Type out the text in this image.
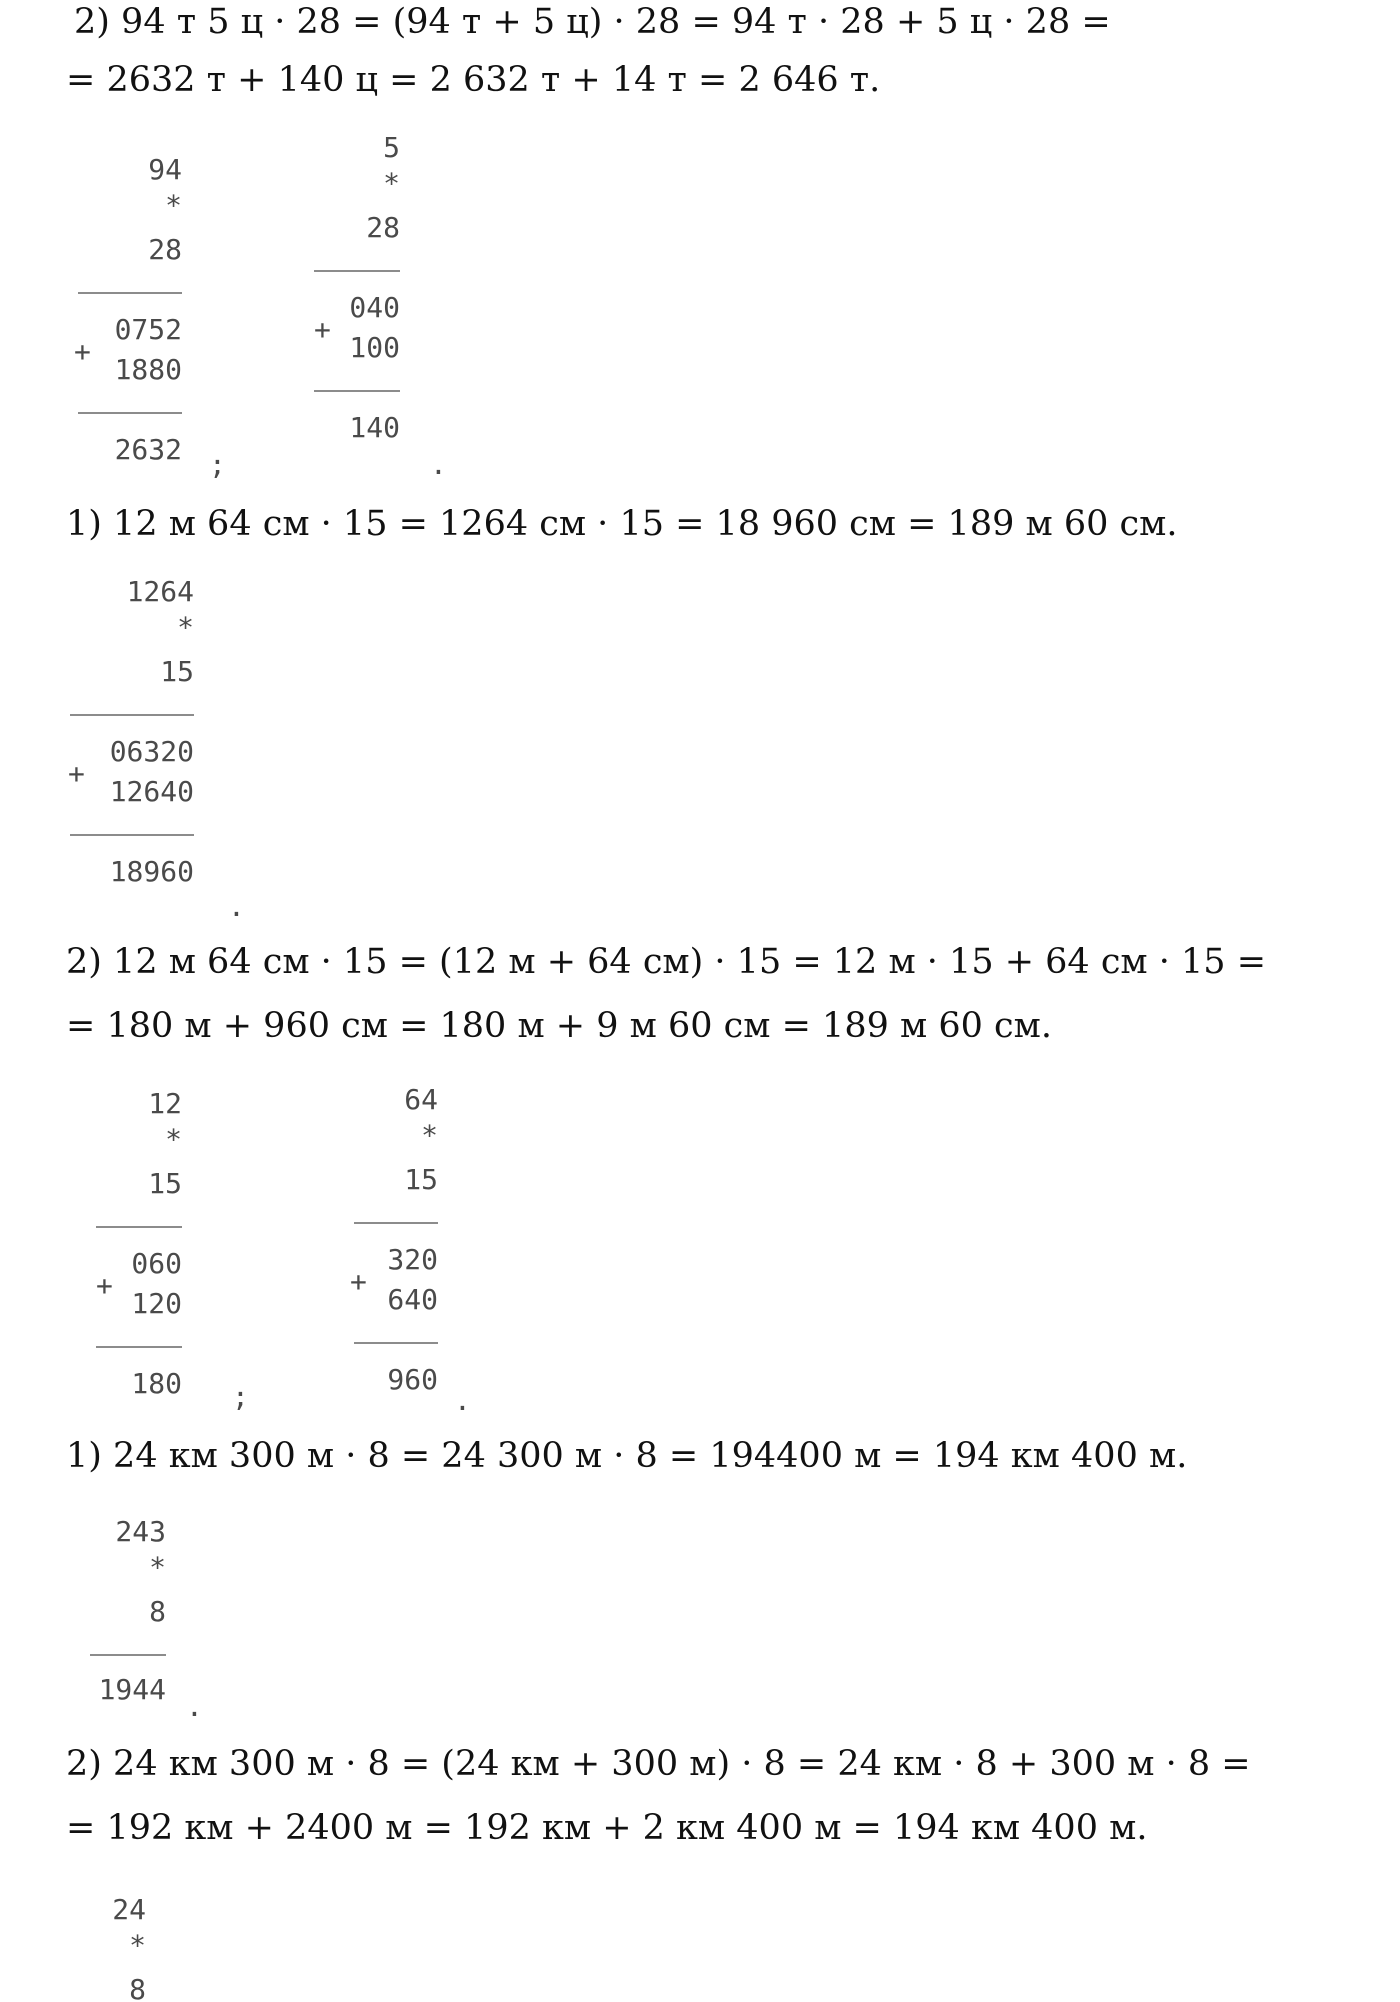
2) 94 т 5 ц · 28 = (94 т + 5 ц) · 28 = 94 т · 28 + 5 ц · 28 =
= 2632 т + 140 ц = 2 632 т + 14 т = 2 646 т.
94
*
28
+
0752
1880
2632 ;
5
*
28
+
040
100
140
.
1) 12 м 64 см · 15 = 1264 см · 15 = 18 960 см = 189 м 60 см.
1264
*
15
+
06320
12640
18960
.
2) 12 м 64 см · 15 = (12 м + 64 см) · 15 = 12 м · 15 + 64 см · 15 =
= 180 м + 960 см = 180 м + 9 м 60 см = 189 м 60 см.
12
*
15
+
060
120
180 ;
64
*
15
+
320
640
960
.
1) 24 км 300 м · 8 = 24 300 м · 8 = 194400 м = 194 км 400 м.
243
*
8
1944
.
2) 24 км 300 м · 8 = (24 км + 300 м) · 8 = 24 км · 8 + 300 м · 8 =
= 192 км + 2400 м = 192 км + 2 км 400 м = 194 км 400 м.
24
*
8
